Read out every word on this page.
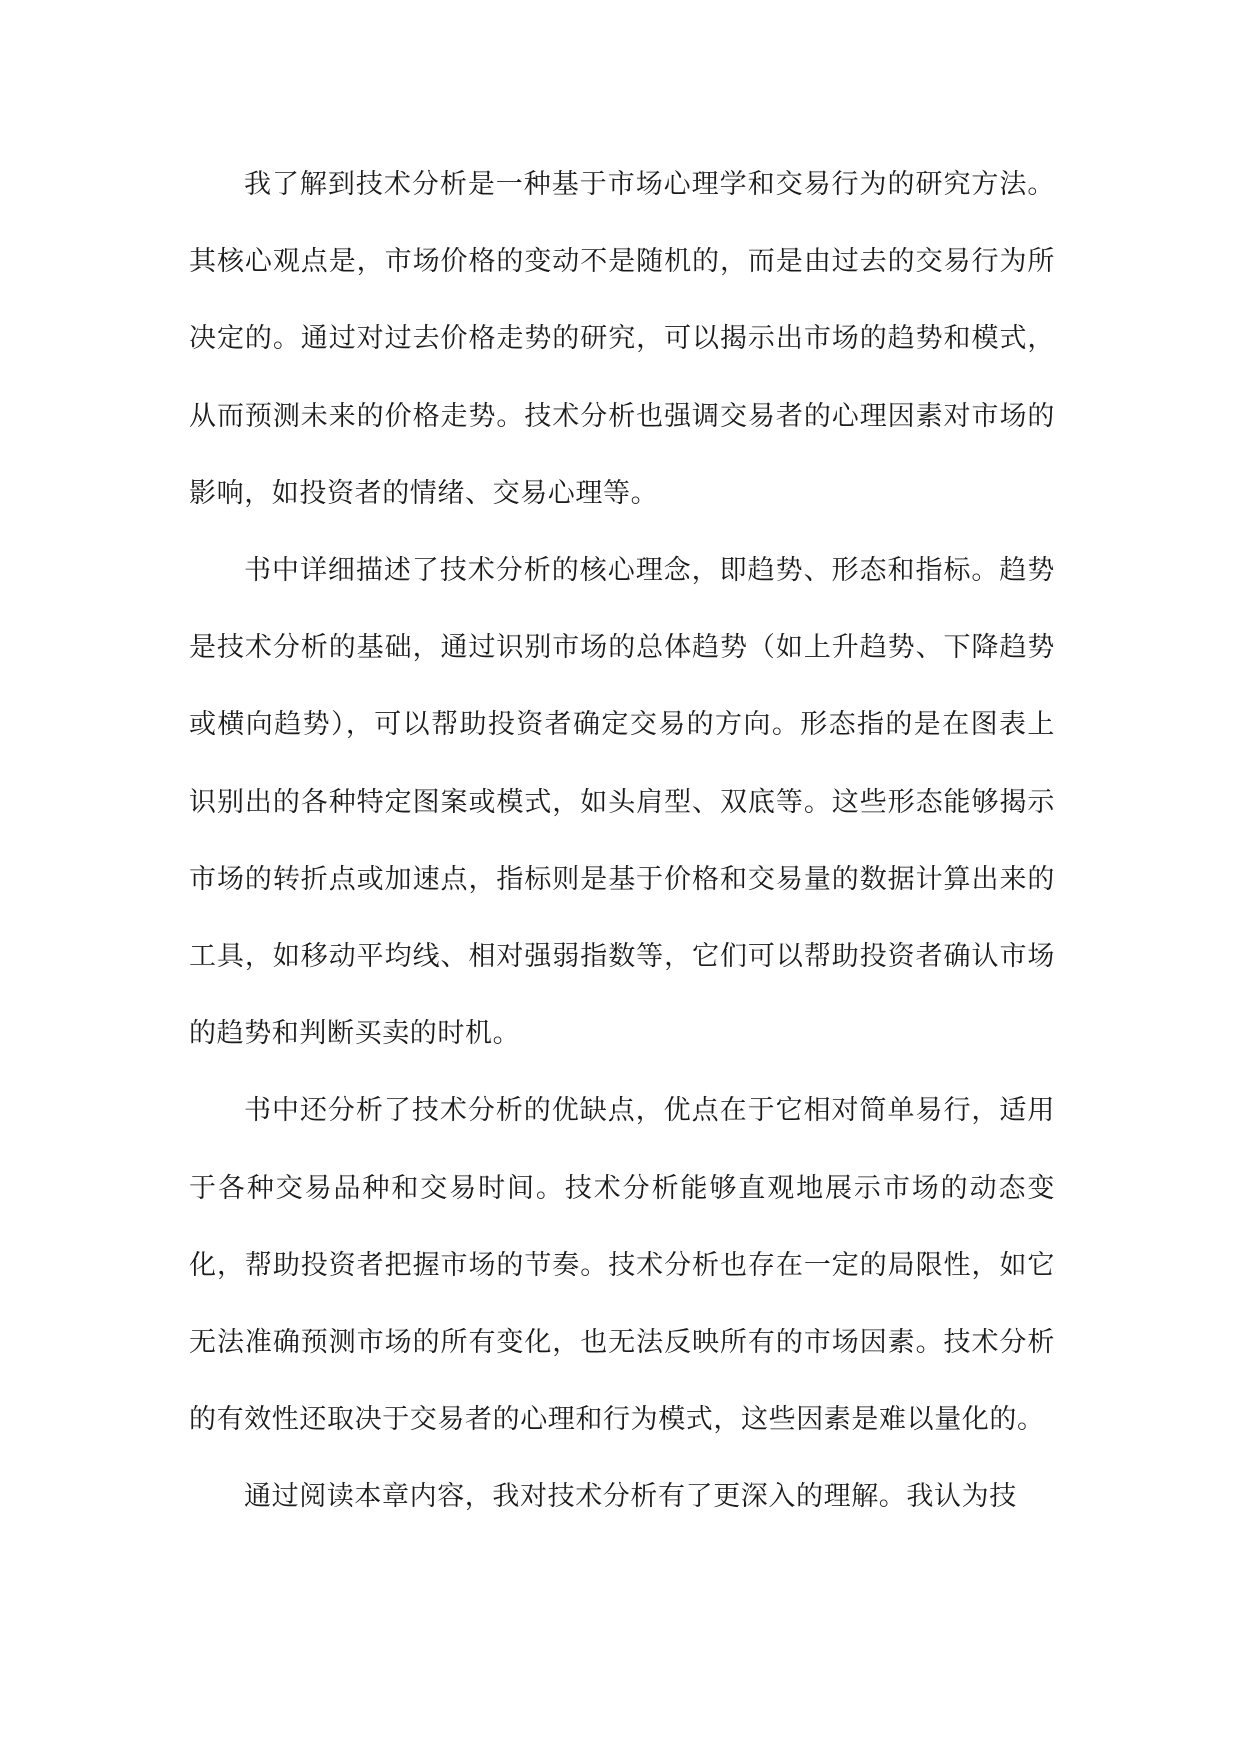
我了解到技术分析是一种基于市场心理学和交易行为的研究方法。其核心观点是，市场价格的变动不是随机的，而是由过去的交易行为所决定的。通过对过去价格走势的研究，可以揭示出市场的趋势和模式，从而预测未来的价格走势。技术分析也强调交易者的心理因素对市场的影响，如投资者的情绪、交易心理等。

书中详细描述了技术分析的核心理念，即趋势、形态和指标。趋势是技术分析的基础，通过识别市场的总体趋势（如上升趋势、下降趋势或横向趋势），可以帮助投资者确定交易的方向。形态指的是在图表上识别出的各种特定图案或模式，如头肩型、双底等。这些形态能够揭示市场的转折点或加速点，指标则是基于价格和交易量的数据计算出来的工具，如移动平均线、相对强弱指数等，它们可以帮助投资者确认市场的趋势和判断买卖的时机。

书中还分析了技术分析的优缺点，优点在于它相对简单易行，适用于各种交易品种和交易时间。技术分析能够直观地展示市场的动态变化，帮助投资者把握市场的节奏。技术分析也存在一定的局限性，如它无法准确预测市场的所有变化，也无法反映所有的市场因素。技术分析的有效性还取决于交易者的心理和行为模式，这些因素是难以量化的。

通过阅读本章内容，我对技术分析有了更深入的理解。我认为技
